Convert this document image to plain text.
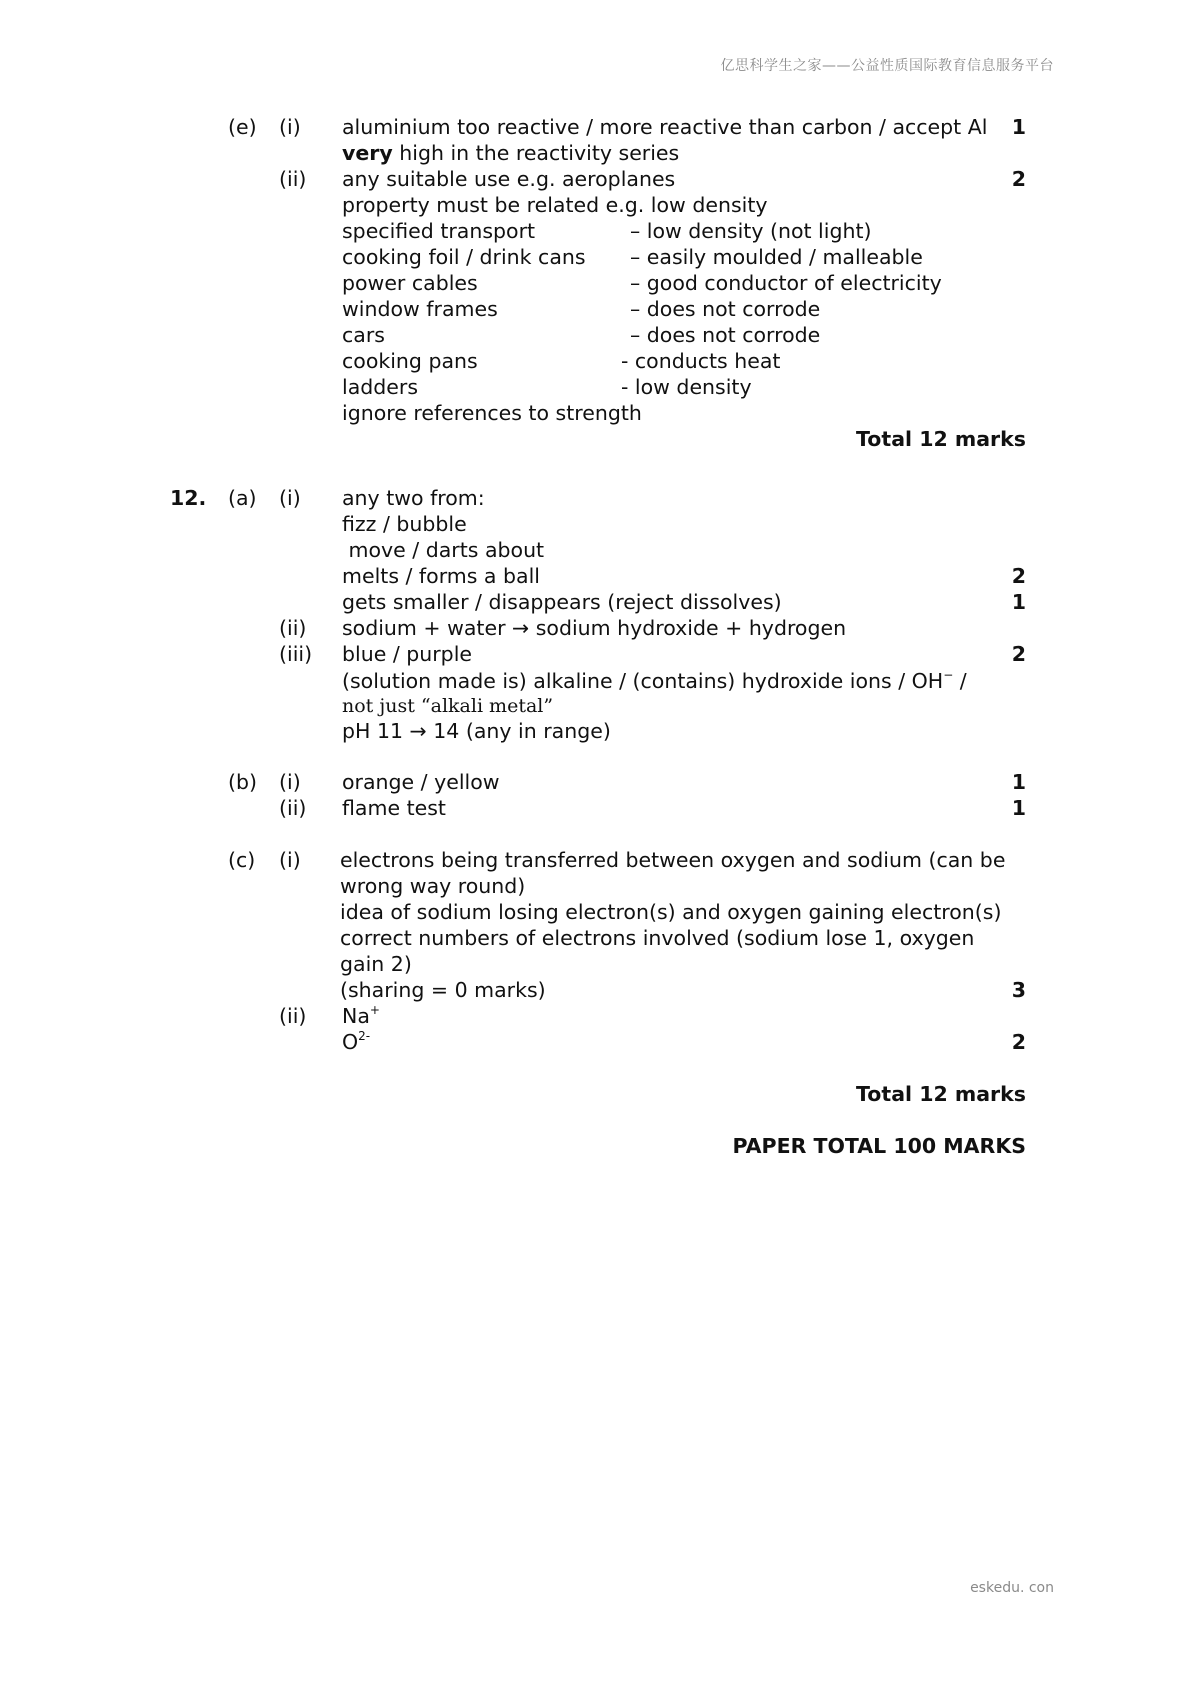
亿思科学生之家——公益性质国际教育信息服务平台
(e) (i) aluminium too reactive / more reactive than carbon / accept Al 1
very high in the reactivity series
(ii) any suitable use e.g. aeroplanes	2
property must be related e.g. low density
specified transport	– low density (not light)
cooking foil / drink cans – easily moulded / malleable
power cables	– good conductor of electricity
window frames	– does not corrode
cars	– does not corrode
cooking pans	- conducts heat
ladders	- low density
ignore references to strength
Total 12 marks
12. (a) (i) any two from:
fizz / bubble
move / darts about
melts / forms a ball	2
gets smaller / disappears (reject dissolves)	1
(ii) sodium + water → sodium hydroxide + hydrogen
(iii) blue / purple	2
(solution made is) alkaline / (contains) hydroxide ions / OH− /
not just “alkali metal”
pH 11 → 14 (any in range)
(b) (i) orange / yellow	1
(ii) flame test	1
(c) (i) electrons being transferred between oxygen and sodium (can be
wrong way round)
idea of sodium losing electron(s) and oxygen gaining electron(s)
correct numbers of electrons involved (sodium lose 1, oxygen
gain 2)
(sharing = 0 marks)	3
(ii) Na+
$O^{2-}$	2
Total 12 marks
PAPER TOTAL 100 MARKS
eskedu. con
